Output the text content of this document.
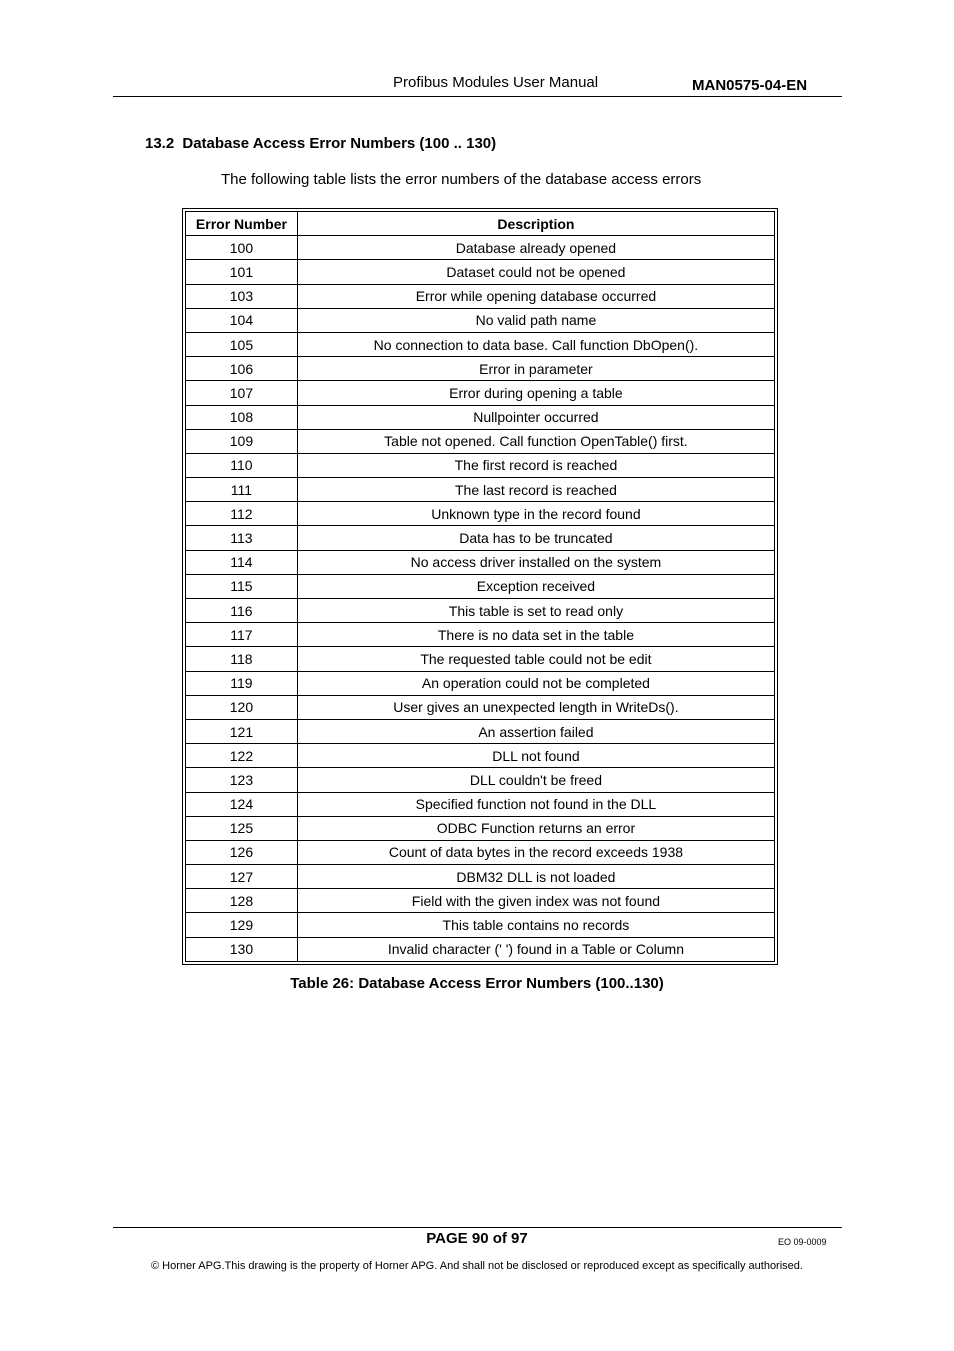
Profibus Modules User Manual	MAN0575-04-EN
13.2 Database Access Error Numbers (100 .. 130)
The following table lists the error numbers of the database access errors
Error Number	Description
100	Database already opened
101	Dataset could not be opened
103	Error while opening database occurred
104	No valid path name
105	No connection to data base. Call function DbOpen().
106	Error in parameter
107	Error during opening a table
108	Nullpointer occurred
109	Table not opened. Call function OpenTable() first.
110	The first record is reached
111	The last record is reached
112	Unknown type in the record found
113	Data has to be truncated
114	No access driver installed on the system
115	Exception received
116	This table is set to read only
117	There is no data set in the table
118	The requested table could not be edit
119	An operation could not be completed
120	User gives an unexpected length in WriteDs().
121	An assertion failed
122	DLL not found
123	DLL couldn't be freed
124	Specified function not found in the DLL
125	ODBC Function returns an error
126	Count of data bytes in the record exceeds 1938
127	DBM32 DLL is not loaded
128	Field with the given index was not found
129	This table contains no records
130	Invalid character (' ') found in a Table or Column
Table 26: Database Access Error Numbers (100..130)
PAGE 90 of 97	EO 09-0009
© Horner APG.This drawing is the property of Horner APG. And shall not be disclosed or reproduced except as specifically authorised.
